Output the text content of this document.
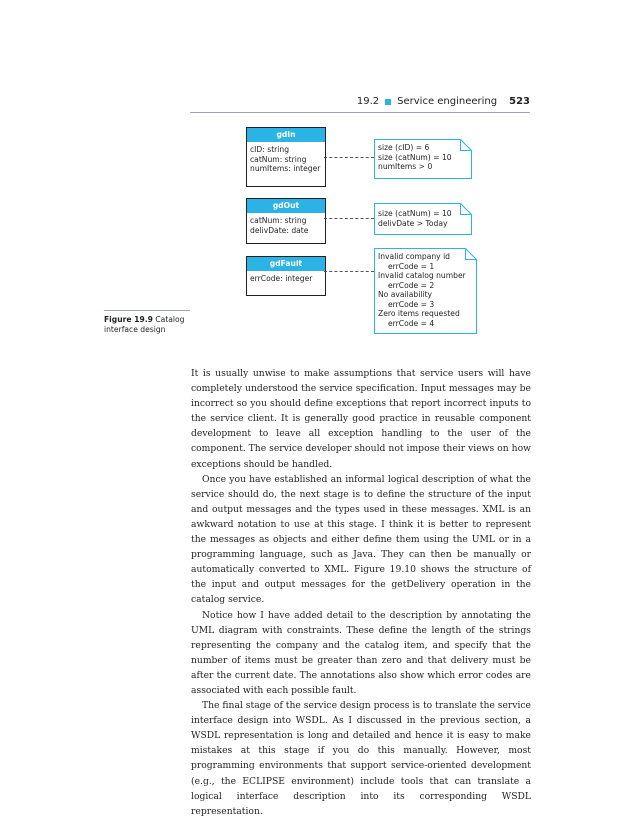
19.2 Service engineering 523
gdIn
cID: string
catNum: string
numItems: integer
gdOut
catNum: string
delivDate: date
gdFault
errCode: integer
size (cID) = 6
size (catNum) = 10
numItems > 0
size (catNum) = 10
delivDate > Today
Invalid company id
errCode = 1
Invalid catalog number
errCode = 2
No availability
errCode = 3
Zero items requested
errCode = 4
Figure 19.9 Catalog interface design

It is usually unwise to make assumptions that service users will have completely understood the service specification. Input messages may be incorrect so you should define exceptions that report incorrect inputs to the service client. It is generally good practice in reusable component development to leave all exception handling to the user of the component. The service developer should not impose their views on how exceptions should be handled.

Once you have established an informal logical description of what the service should do, the next stage is to define the structure of the input and output messages and the types used in these messages. XML is an awkward notation to use at this stage. I think it is better to represent the messages as objects and either define them using the UML or in a programming language, such as Java. They can then be manually or automatically converted to XML. Figure 19.10 shows the structure of the input and output messages for the getDelivery operation in the catalog service.

Notice how I have added detail to the description by annotating the UML diagram with constraints. These define the length of the strings representing the company and the catalog item, and specify that the number of items must be greater than zero and that delivery must be after the current date. The annotations also show which error codes are associated with each possible fault.

The final stage of the service design process is to translate the service interface design into WSDL. As I discussed in the previous section, a WSDL representation is long and detailed and hence it is easy to make mistakes at this stage if you do this manually. However, most programming environments that support service-oriented development (e.g., the ECLIPSE environment) include tools that can translate a logical interface description into its corresponding WSDL representation.
